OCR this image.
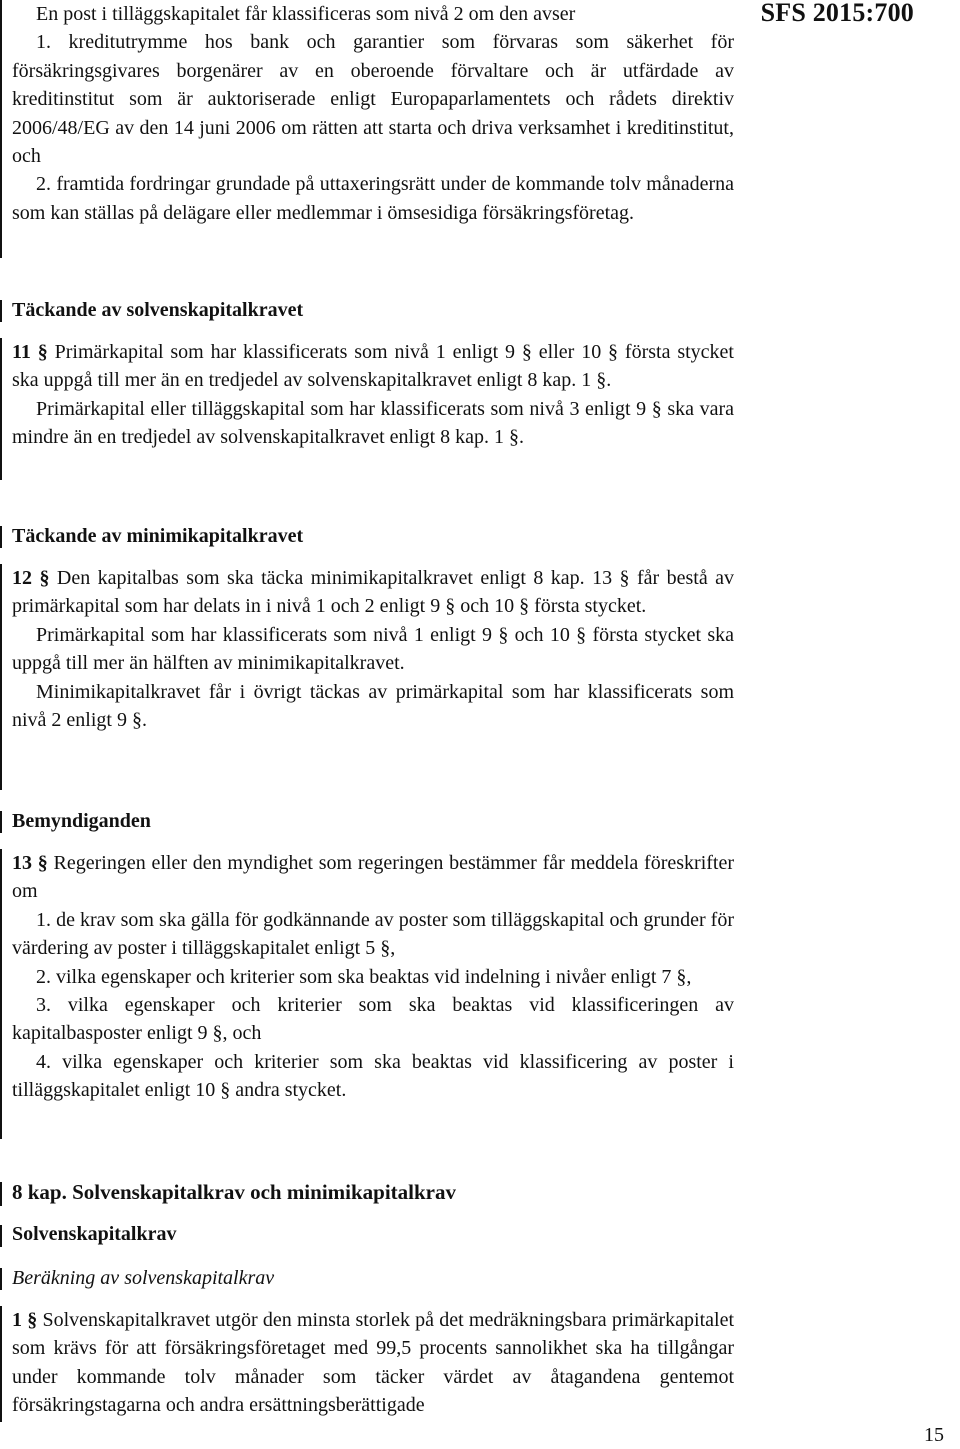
SFS 2015:700
15

En post i tilläggskapitalet får klassificeras som nivå 2 om den avser

1. kreditutrymme hos bank och garantier som förvaras som säkerhet för försäkringsgivares borgenärer av en oberoende förvaltare och är utfärdade av kreditinstitut som är auktoriserade enligt Europaparlamentets och rådets direktiv 2006/48/EG av den 14 juni 2006 om rätten att starta och driva verksamhet i kreditinstitut, och

2. framtida fordringar grundade på uttaxeringsrätt under de kommande tolv månaderna som kan ställas på delägare eller medlemmar i ömsesidiga försäkringsföretag.

Täckande av solvenskapitalkravet

11 § Primärkapital som har klassificerats som nivå 1 enligt 9 § eller 10 § första stycket ska uppgå till mer än en tredjedel av solvenskapitalkravet enligt 8 kap. 1 §.

Primärkapital eller tilläggskapital som har klassificerats som nivå 3 enligt 9 § ska vara mindre än en tredjedel av solvenskapitalkravet enligt 8 kap. 1 §.

Täckande av minimikapitalkravet

12 § Den kapitalbas som ska täcka minimikapitalkravet enligt 8 kap. 13 § får bestå av primärkapital som har delats in i nivå 1 och 2 enligt 9 § och 10 § första stycket.

Primärkapital som har klassificerats som nivå 1 enligt 9 § och 10 § första stycket ska uppgå till mer än hälften av minimikapitalkravet.

Minimikapitalkravet får i övrigt täckas av primärkapital som har klassificerats som nivå 2 enligt 9 §.

Bemyndiganden

13 § Regeringen eller den myndighet som regeringen bestämmer får meddela föreskrifter om

1. de krav som ska gälla för godkännande av poster som tilläggskapital och grunder för värdering av poster i tilläggskapitalet enligt 5 §,

2. vilka egenskaper och kriterier som ska beaktas vid indelning i nivåer enligt 7 §,

3. vilka egenskaper och kriterier som ska beaktas vid klassificeringen av kapitalbasposter enligt 9 §, och

4. vilka egenskaper och kriterier som ska beaktas vid klassificering av poster i tilläggskapitalet enligt 10 § andra stycket.

8 kap. Solvenskapitalkrav och minimikapitalkrav

Solvenskapitalkrav

Beräkning av solvenskapitalkrav

1 § Solvenskapitalkravet utgör den minsta storlek på det medräkningsbara primärkapitalet som krävs för att försäkringsföretaget med 99,5 procents sannolikhet ska ha tillgångar under kommande tolv månader som täcker värdet av åtagandena gentemot försäkringstagarna och andra ersättningsberättigade
